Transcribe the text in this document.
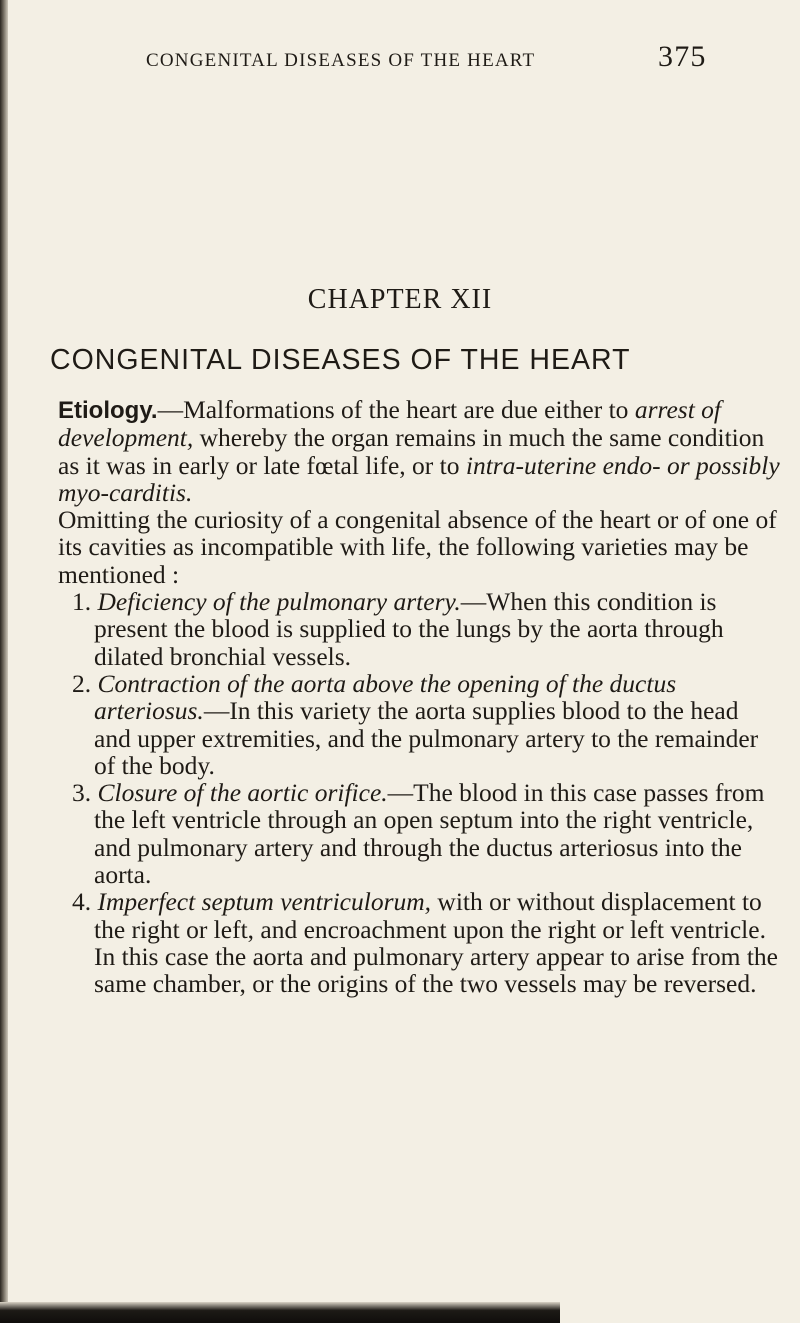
CONGENITAL DISEASES OF THE HEART	375
CHAPTER XII
CONGENITAL DISEASES OF THE HEART

Etiology.—Malformations of the heart are due either to arrest of development, whereby the organ remains in much the same condition as it was in early or late fœtal life, or to intra-uterine endo- or possibly myo-carditis.

Omitting the curiosity of a congenital absence of the heart or of one of its cavities as incompatible with life, the following varieties may be mentioned :

1. Deficiency of the pulmonary artery.—When this condition is present the blood is supplied to the lungs by the aorta through dilated bronchial vessels.

2. Contraction of the aorta above the opening of the ductus arteriosus.—In this variety the aorta supplies blood to the head and upper extremities, and the pulmonary artery to the remainder of the body.

3. Closure of the aortic orifice.—The blood in this case passes from the left ventricle through an open septum into the right ventricle, and pulmonary artery and through the ductus arteriosus into the aorta.

4. Imperfect septum ventriculorum, with or without displacement to the right or left, and encroachment upon the right or left ventricle. In this case the aorta and pulmonary artery appear to arise from the same chamber, or the origins of the two vessels may be reversed.
